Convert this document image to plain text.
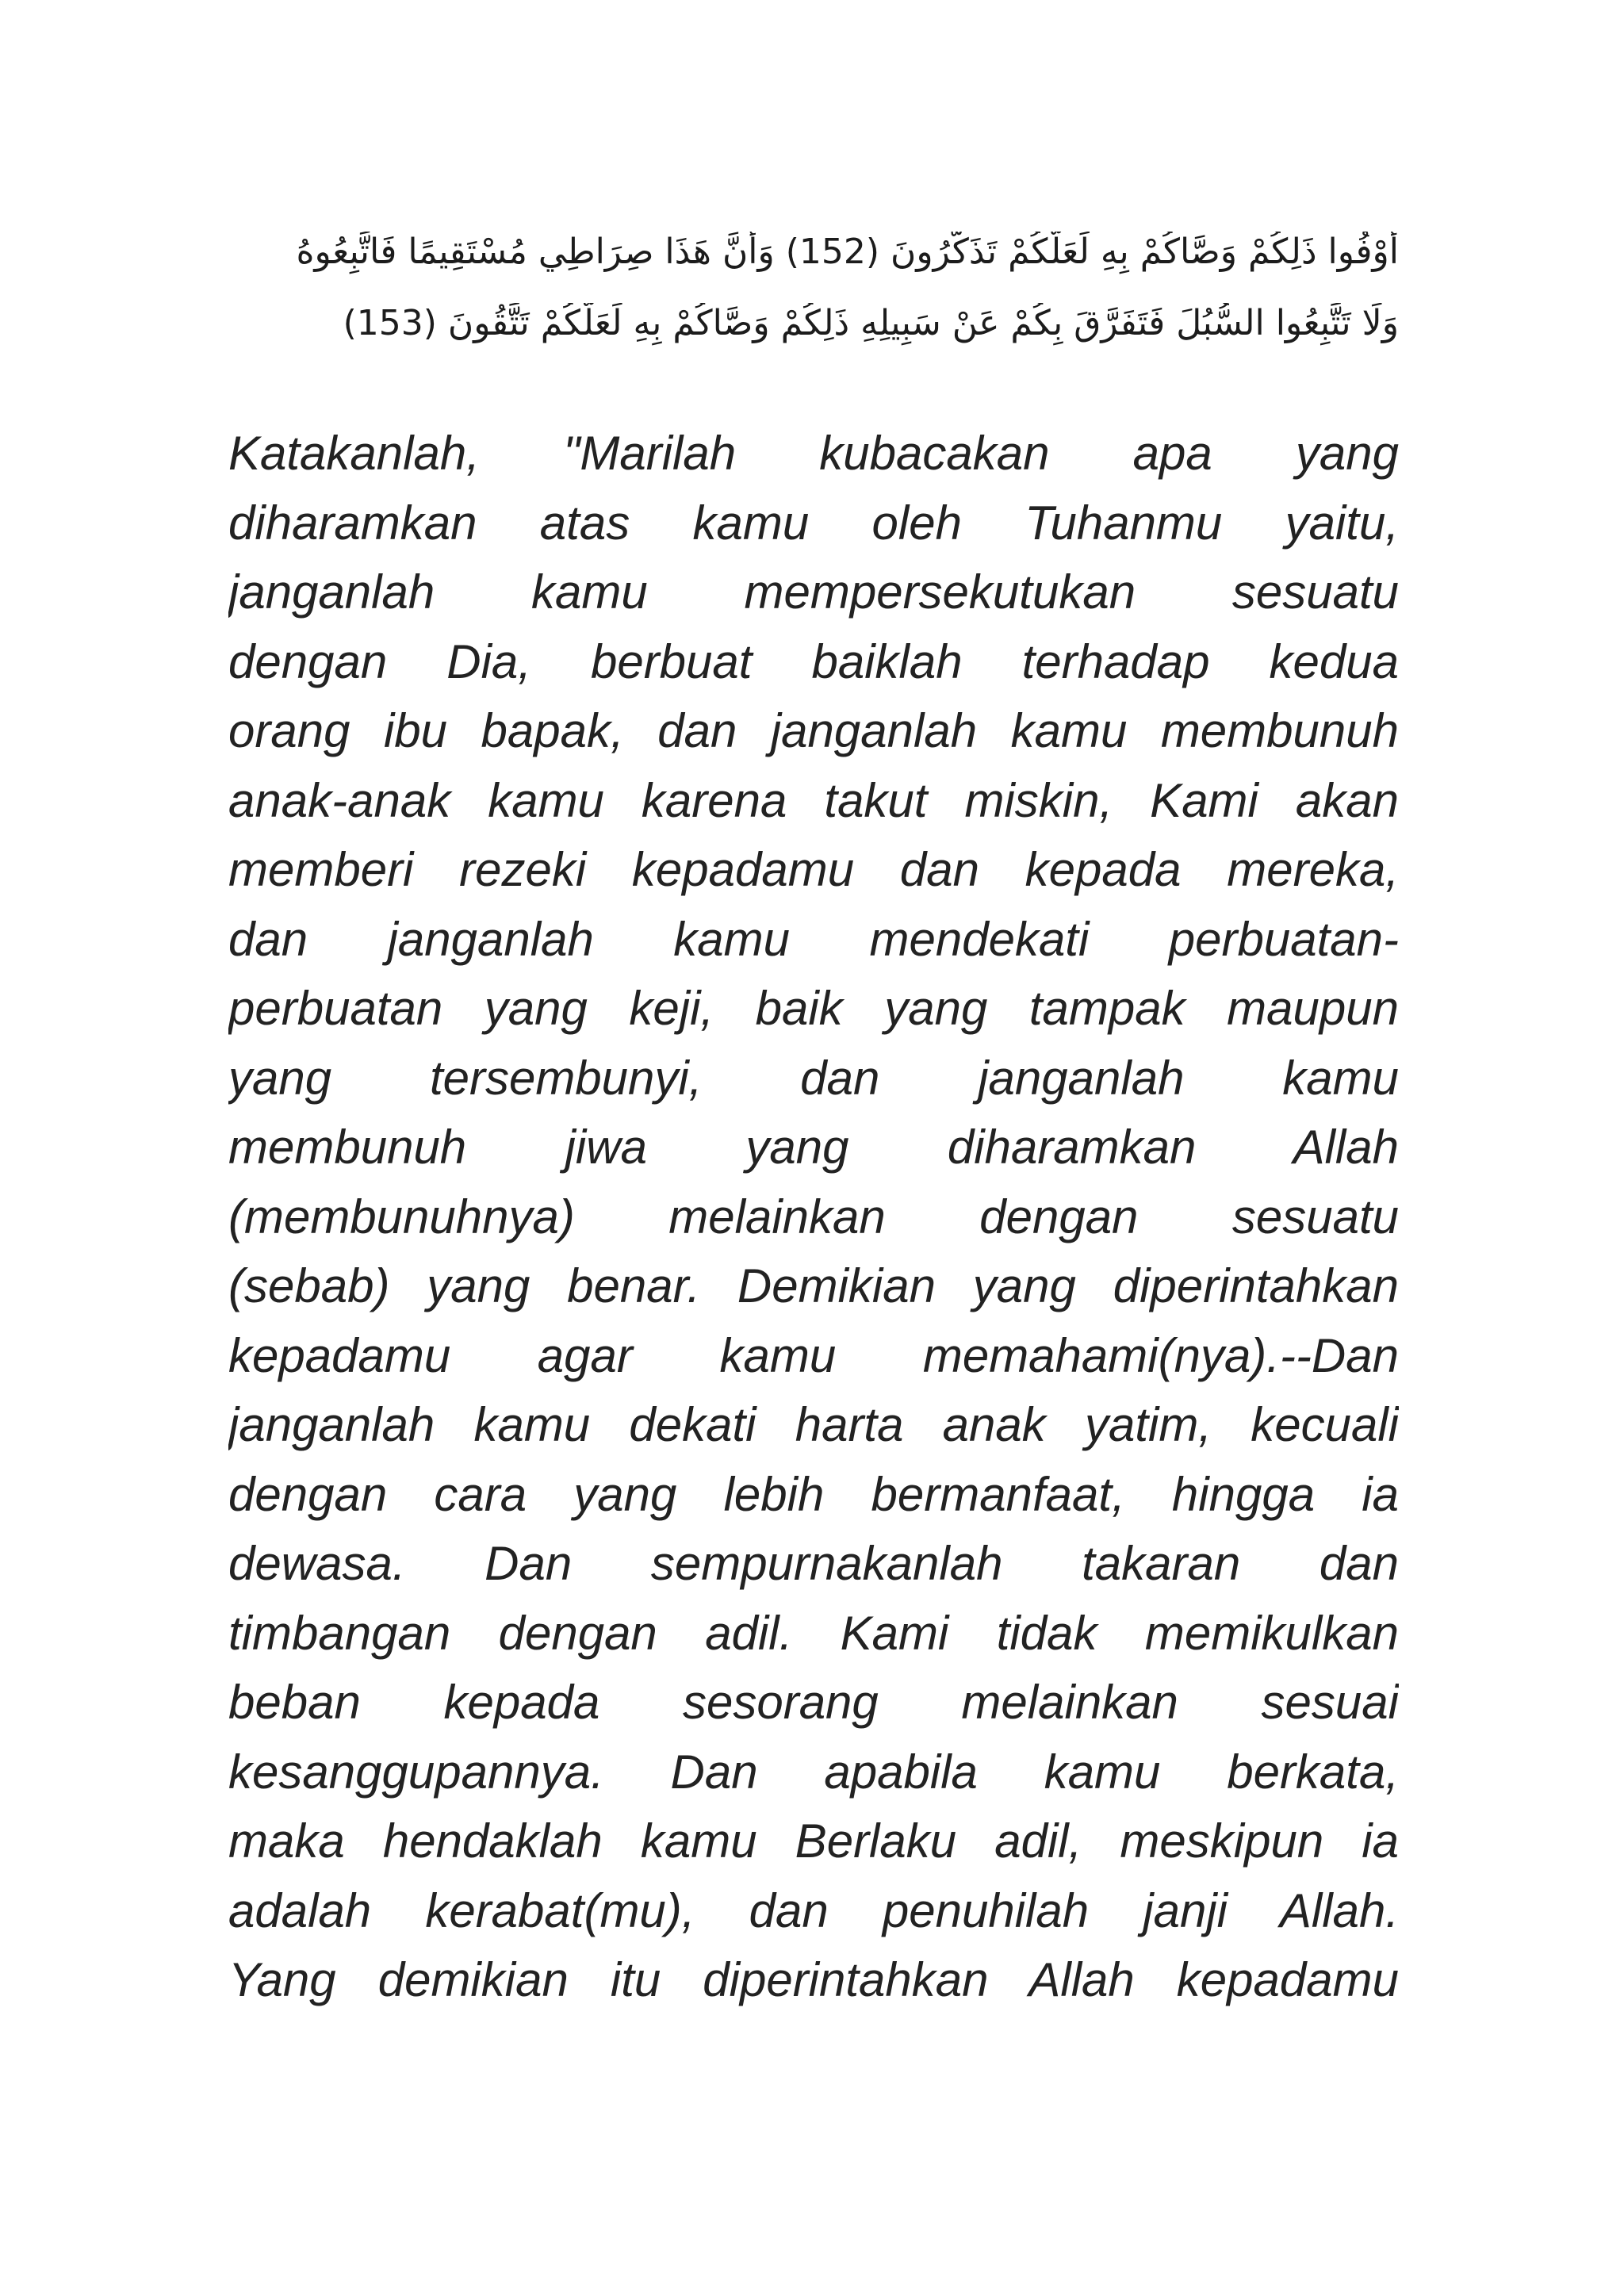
أَوْفُوا ذَلِكُمْ وَصَّاكُمْ بِهِ لَعَلَّكُمْ تَذَكَّرُونَ (152) وَأَنَّ هَذَا صِرَاطِي مُسْتَقِيمًا فَاتَّبِعُوهُ
وَلَا تَتَّبِعُوا السُّبُلَ فَتَفَرَّقَ بِكُمْ عَنْ سَبِيلِهِ ذَلِكُمْ وَصَّاكُمْ بِهِ لَعَلَّكُمْ تَتَّقُونَ (153)
Katakanlah, "Marilah kubacakan apa yang
diharamkan atas kamu oleh Tuhanmu yaitu,
janganlah kamu mempersekutukan sesuatu
dengan Dia, berbuat baiklah terhadap kedua
orang ibu bapak, dan janganlah kamu membunuh
anak-anak kamu karena takut miskin, Kami akan
memberi rezeki kepadamu dan kepada mereka,
dan janganlah kamu mendekati perbuatan-
perbuatan yang keji, baik yang tampak maupun
yang tersembunyi, dan janganlah kamu
membunuh jiwa yang diharamkan Allah
(membunuhnya) melainkan dengan sesuatu
(sebab) yang benar. Demikian yang diperintahkan
kepadamu agar kamu memahami(nya).--Dan
janganlah kamu dekati harta anak yatim, kecuali
dengan cara yang lebih bermanfaat, hingga ia
dewasa. Dan sempurnakanlah takaran dan
timbangan dengan adil. Kami tidak memikulkan
beban kepada sesorang melainkan sesuai
kesanggupannya. Dan apabila kamu berkata,
maka hendaklah kamu Berlaku adil, meskipun ia
adalah kerabat(mu), dan penuhilah janji Allah.
Yang demikian itu diperintahkan Allah kepadamu
